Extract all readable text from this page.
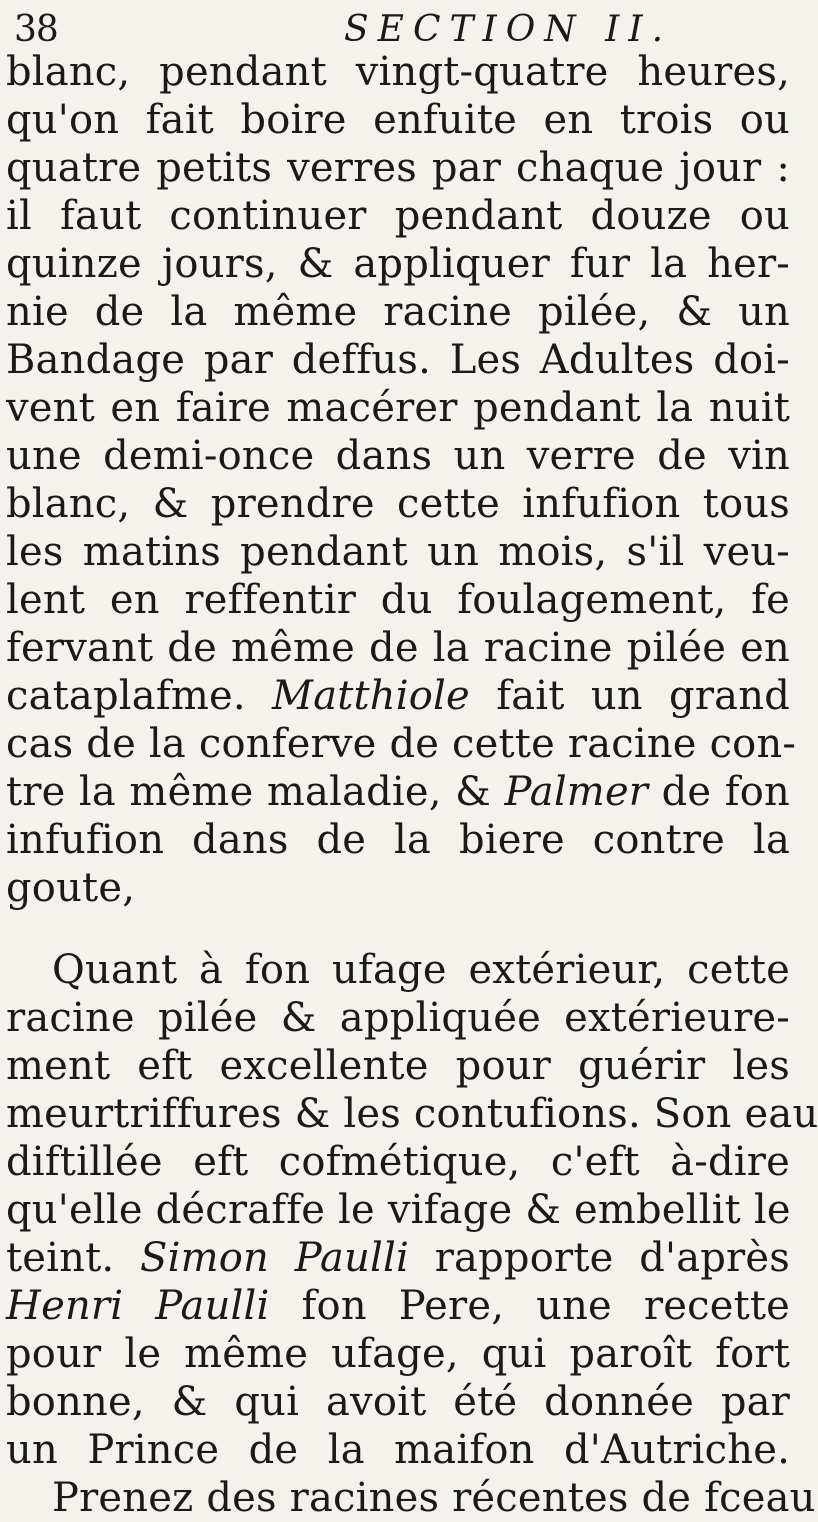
38	SECTION II.
blanc, pendant vingt-quatre heures,
qu'on fait boire enfuite en trois ou
quatre petits verres par chaque jour :
il faut continuer pendant douze ou
quinze jours, & appliquer fur la her-
nie de la même racine pilée, & un
Bandage par deffus. Les Adultes doi-
vent en faire macérer pendant la nuit
une demi-once dans un verre de vin
blanc, & prendre cette infufion tous
les matins pendant un mois, s'il veu-
lent en reffentir du foulagement, fe
fervant de même de la racine pilée en
cataplafme. Matthiole fait un grand
cas de la conferve de cette racine con-
tre la même maladie, & Palmer de fon
infufion dans de la biere contre la
goute,
Quant à fon ufage extérieur, cette
racine pilée & appliquée extérieure-
ment eft excellente pour guérir les
meurtriffures & les contufions. Son eau
diftillée eft cofmétique, c'eft à-dire
qu'elle décraffe le vifage & embellit le
teint. Simon Paulli rapporte d'après
Henri Paulli fon Pere, une recette
pour le même ufage, qui paroît fort
bonne, & qui avoit été donnée par
un Prince de la maifon d'Autriche.
Prenez des racines récentes de fceau
